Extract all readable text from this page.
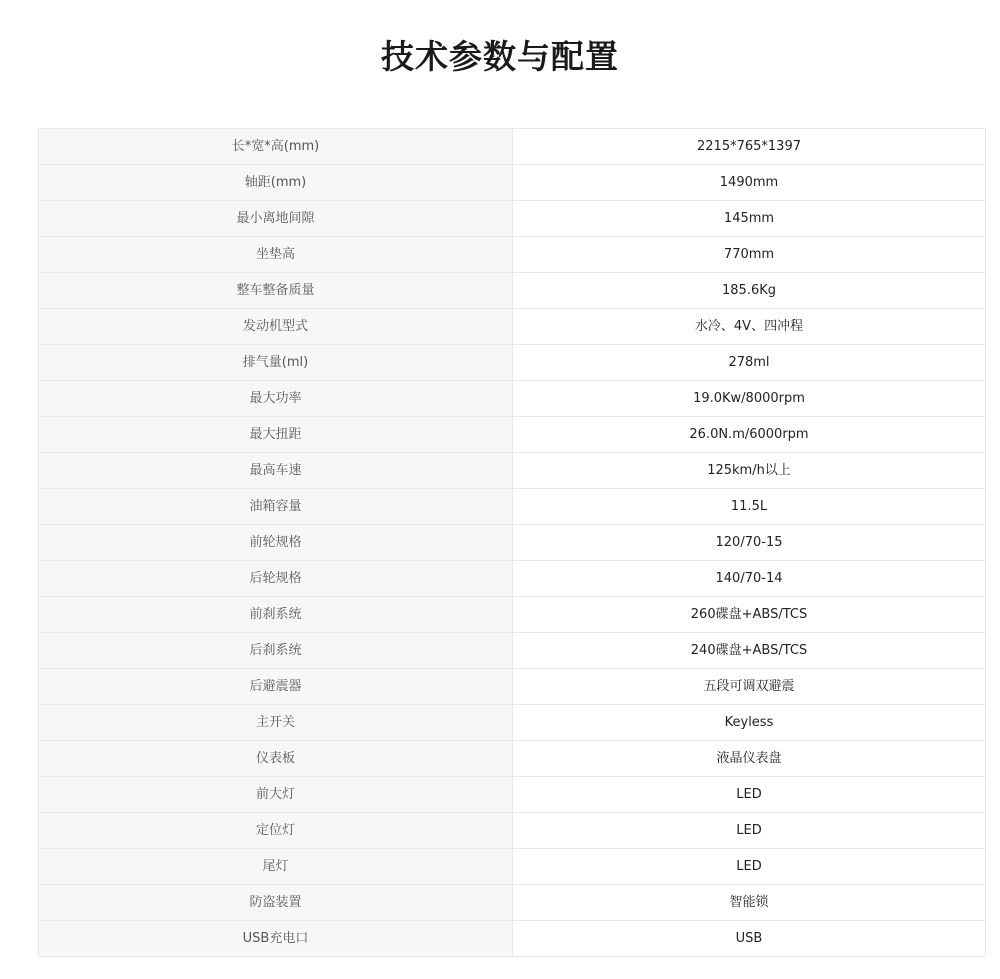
技术参数与配置
长*宽*高(mm)	2215*765*1397
轴距(mm)	1490mm
最小离地间隙	145mm
坐垫高	770mm
整车整备质量	185.6Kg
发动机型式	水冷、4V、四冲程
排气量(ml)	278ml
最大功率	19.0Kw/8000rpm
最大扭距	26.0N.m/6000rpm
最高车速	125km/h以上
油箱容量	11.5L
前轮规格	120/70-15
后轮规格	140/70-14
前刹系统	260碟盘+ABS/TCS
后刹系统	240碟盘+ABS/TCS
后避震器	五段可调双避震
主开关	Keyless
仪表板	液晶仪表盘
前大灯	LED
定位灯	LED
尾灯	LED
防盗装置	智能锁
USB充电口	USB
